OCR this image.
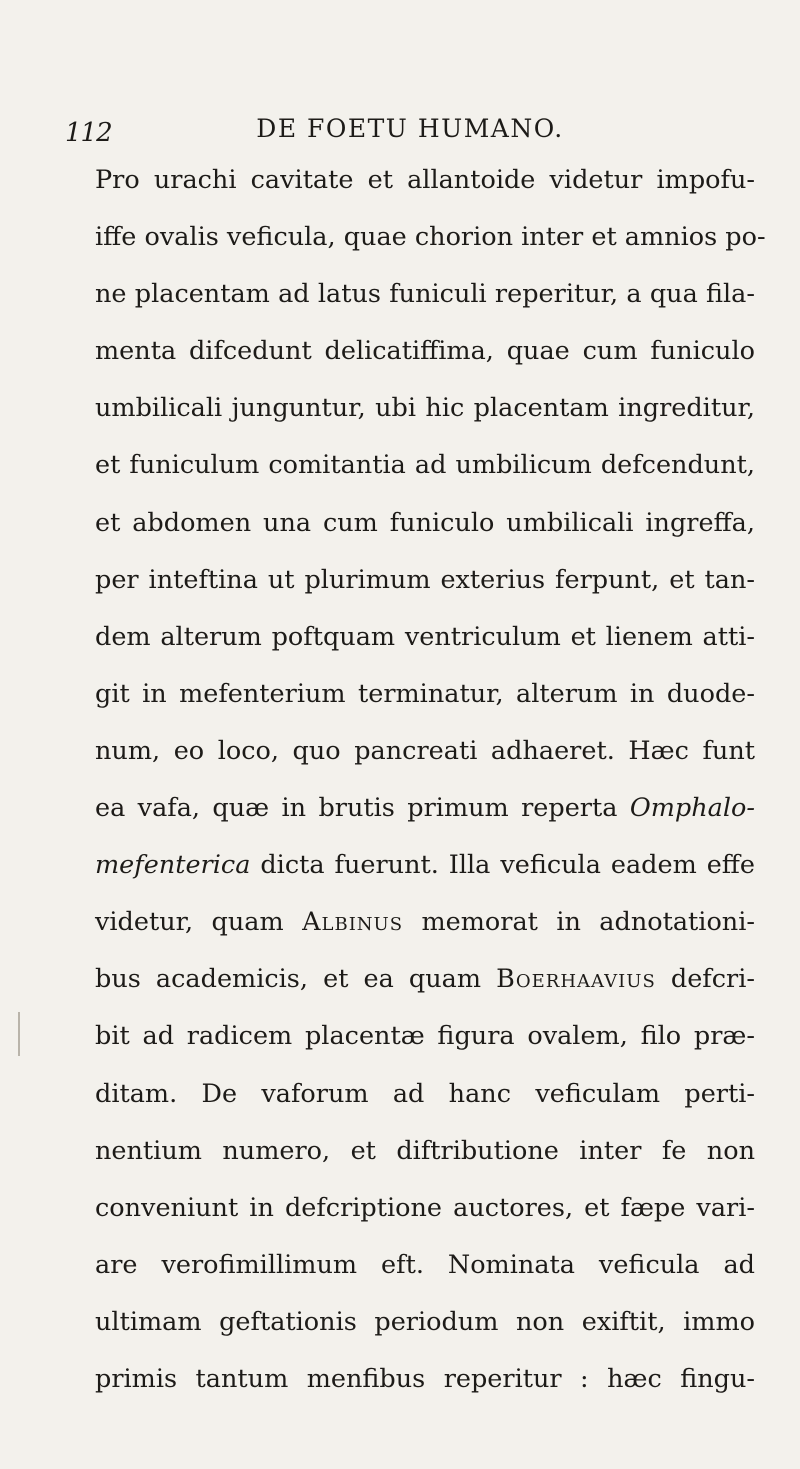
112	DE FOETU HUMANO.
Pro urachi cavitate et allantoide videtur impofu-
iffe ovalis veficula, quae chorion inter et amnios po-
ne placentam ad latus funiculi reperitur, a qua fila-
menta difcedunt delicatiffima, quae cum funiculo
umbilicali junguntur, ubi hic placentam ingreditur,
et funiculum comitantia ad umbilicum defcendunt,
et abdomen una cum funiculo umbilicali ingreffa,
per inteftina ut plurimum exterius ferpunt, et tan-
dem alterum poftquam ventriculum et lienem atti-
git in mefenterium terminatur, alterum in duode-
num, eo loco, quo pancreati adhaeret. Hæc funt
ea vafa, quæ in brutis primum reperta Omphalo-
mefenterica dicta fuerunt. Illa veficula eadem effe
videtur, quam Albinus memorat in adnotationi-
bus academicis, et ea quam Boerhaavius defcri-
bit ad radicem placentæ figura ovalem, filo præ-
ditam. De vaforum ad hanc veficulam perti-
nentium numero, et diftributione inter fe non
conveniunt in defcriptione auctores, et fæpe vari-
are verofimillimum eft. Nominata veficula ad
ultimam geftationis periodum non exiftit, immo
primis tantum menfibus reperitur : hæc fingu-
